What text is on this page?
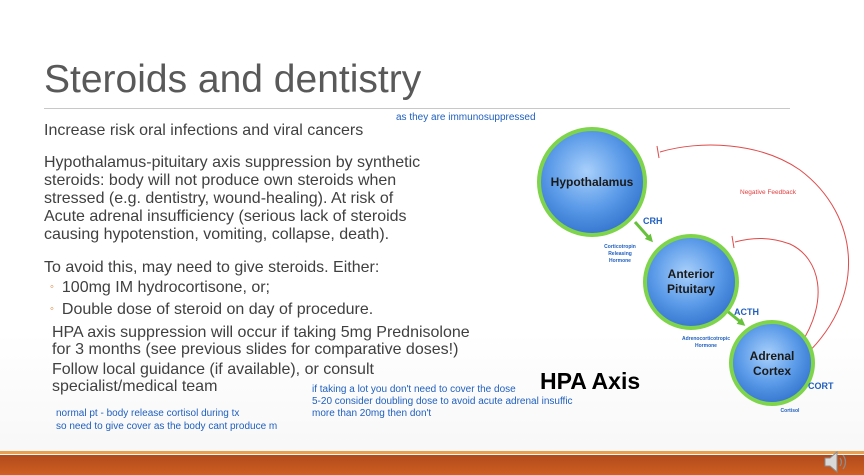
Steroids and dentistry
Increase risk oral infections and viral cancers
Hypothalamus-pituitary axis suppression by synthetic
steroids: body will not produce own steroids when
stressed (e.g. dentistry, wound-healing). At risk of
Acute adrenal insufficiency (serious lack of steroids
causing hypotenstion, vomiting, collapse, death).
To avoid this, may need to give steroids. Either:
◦ 100mg IM hydrocortisone, or;
◦ Double dose of steroid on day of procedure.
HPA axis suppression will occur if taking 5mg Prednisolone
for 3 months (see previous slides for comparative doses!)
Follow local guidance (if available), or consult
specialist/medical team
as they are immunosuppressed
if taking a lot you don't need to cover the dose
5-20 consider doubling dose to avoid acute adrenal insuffic
more than 20mg then don't
normal pt - body release cortisol during tx
so need to give cover as the body cant produce m
Hypothalamus
Anterior
Pituitary
Adrenal
Cortex
CRH
Corticotropin
Releasing
Hormone
ACTH
Adrenocorticotropic
Hormone
CORT
Cortisol
Negative Feedback
HPA Axis
